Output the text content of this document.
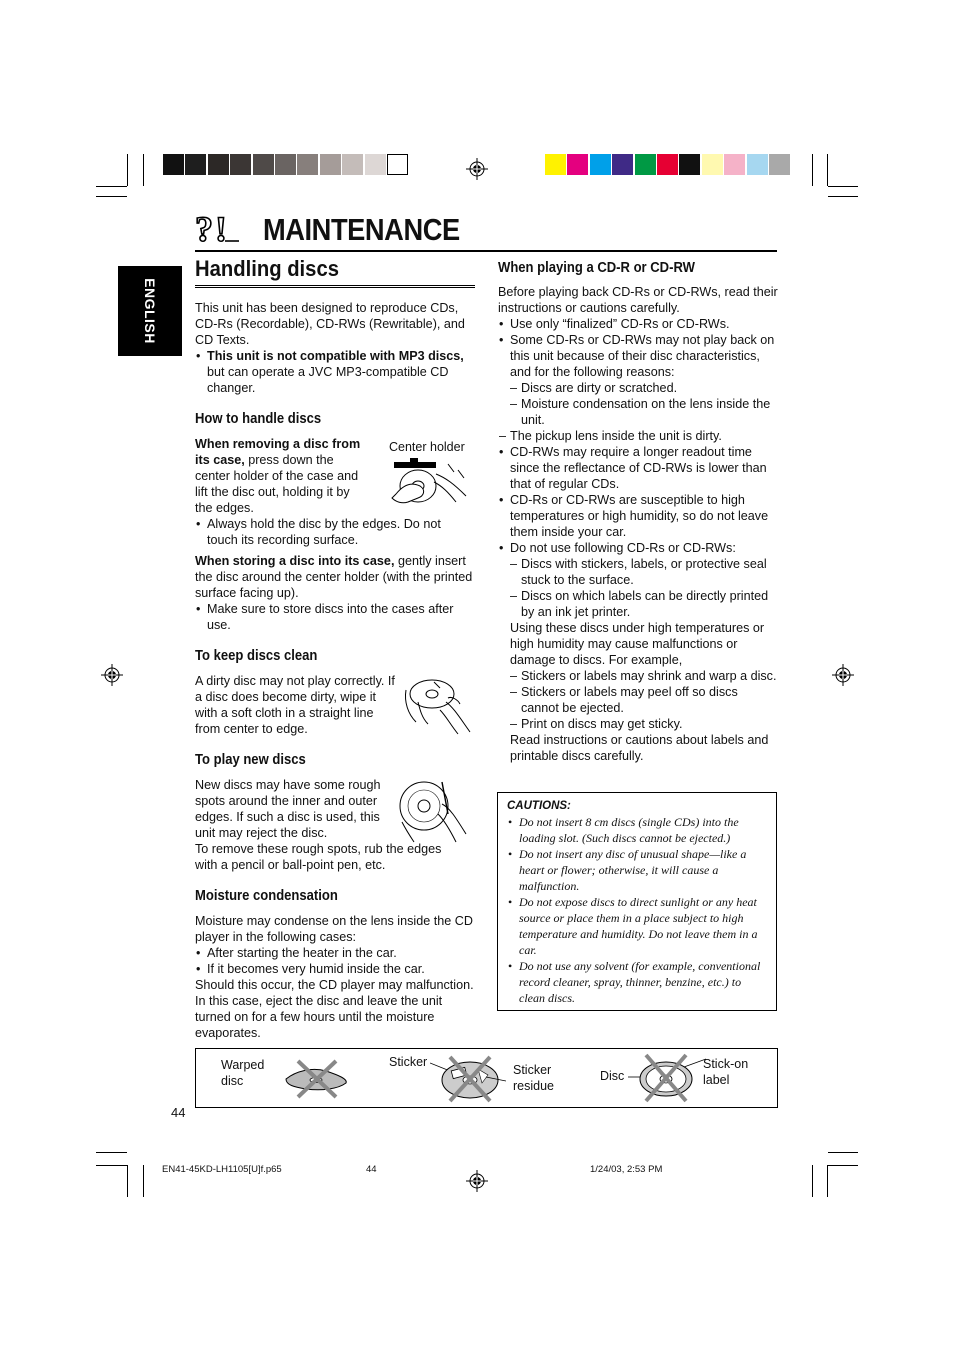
? ! MAINTENANCE
ENGLISH
Handling discs
This unit has been designed to reproduce CDs, CD-Rs (Recordable), CD-RWs (Rewritable), and CD Texts.
• This unit is not compatible with MP3 discs, but can operate a JVC MP3-compatible CD changer.
How to handle discs
When removing a disc from its case, press down the center holder of the case and lift the disc out, holding it by the edges.
Center holder
• Always hold the disc by the edges. Do not touch its recording surface.
When storing a disc into its case, gently insert the disc around the center holder (with the printed surface facing up).
• Make sure to store discs into the cases after use.
To keep discs clean
A dirty disc may not play correctly. If a disc does become dirty, wipe it with a soft cloth in a straight line from center to edge.
To play new discs
New discs may have some rough spots around the inner and outer edges. If such a disc is used, this unit may reject the disc.
To remove these rough spots, rub the edges with a pencil or ball-point pen, etc.
Moisture condensation
Moisture may condense on the lens inside the CD player in the following cases:
• After starting the heater in the car.
• If it becomes very humid inside the car.
Should this occur, the CD player may malfunction. In this case, eject the disc and leave the unit turned on for a few hours until the moisture evaporates.
When playing a CD-R or CD-RW
Before playing back CD-Rs or CD-RWs, read their instructions or cautions carefully.
• Use only “finalized” CD-Rs or CD-RWs.
• Some CD-Rs or CD-RWs may not play back on this unit because of their disc characteristics, and for the following reasons:
– Discs are dirty or scratched.
– Moisture condensation on the lens inside the unit.
– The pickup lens inside the unit is dirty.
• CD-RWs may require a longer readout time since the reflectance of CD-RWs is lower than that of regular CDs.
• CD-Rs or CD-RWs are susceptible to high temperatures or high humidity, so do not leave them inside your car.
• Do not use following CD-Rs or CD-RWs:
– Discs with stickers, labels, or protective seal stuck to the surface.
– Discs on which labels can be directly printed by an ink jet printer.
Using these discs under high temperatures or high humidity may cause malfunctions or damage to discs. For example,
– Stickers or labels may shrink and warp a disc.
– Stickers or labels may peel off so discs cannot be ejected.
– Print on discs may get sticky.
Read instructions or cautions about labels and printable discs carefully.
CAUTIONS:
• Do not insert 8 cm discs (single CDs) into the loading slot. (Such discs cannot be ejected.)
• Do not insert any disc of unusual shape—like a heart or flower; otherwise, it will cause a malfunction.
• Do not expose discs to direct sunlight or any heat source or place them in a place subject to high temperature and humidity. Do not leave them in a car.
• Do not use any solvent (for example, conventional record cleaner, spray, thinner, benzine, etc.) to clean discs.
Warped disc
Sticker
Sticker residue
Disc
Stick-on label
44
EN41-45KD-LH1105[U]f.p65	44	1/24/03, 2:53 PM
